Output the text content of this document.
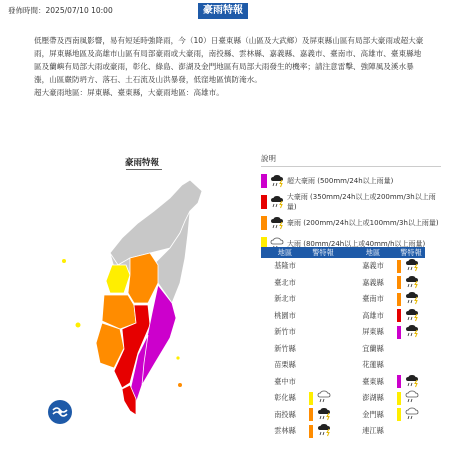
發佈時間：2025/07/10 10:00	豪雨特報

低壓帶及西南風影響，易有短延時強降雨，今（10）日臺東縣（山區及大武鄉）及屏東縣山區有局部大豪雨或超大豪雨，屏東縣地區及高雄市山區有局部豪雨或大豪雨，南投縣、雲林縣、嘉義縣、嘉義市、臺南市、高雄市、臺東縣地區及蘭嶼有局部大雨或豪雨，彰化、綠島、澎湖及金門地區有局部大雨發生的機率；請注意雷擊、強陣風及溪水暴漲，山區嚴防坍方、落石、土石流及山洪暴發，低窪地區慎防淹水。

超大豪雨地區：屏東縣、臺東縣，大豪雨地區：高雄市。

豪雨特報	說明
超大豪雨 (500mm/24h以上雨量)
大豪雨 (350mm/24h以上或200mm/3h以上雨量)
豪雨 (200mm/24h以上或100mm/3h以上雨量)
大雨 (80mm/24h以上或40mm/h以上雨量)
地區	警特報			地區	警特報	
基隆市				嘉義市	

臺北市				嘉義縣	

新北市				臺南市	

桃園市				高雄市	

新竹市				屏東縣	

新竹縣				宜蘭縣		
苗栗縣				花蓮縣		
臺中市				臺東縣	

彰化縣				澎湖縣	

南投縣				金門縣	

雲林縣				連江縣		
